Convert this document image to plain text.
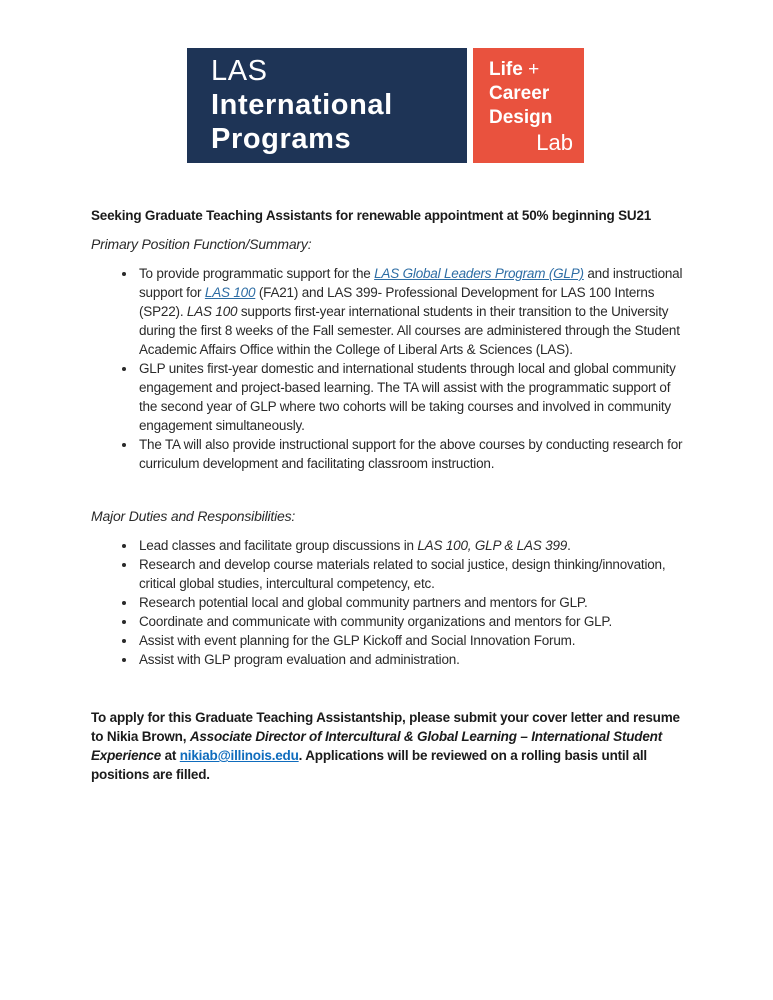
LAS
International
Programs
Life +
Career
Design
Lab

Seeking Graduate Teaching Assistants for renewable appointment at 50% beginning SU21

Primary Position Function/Summary:

• To provide programmatic support for the LAS Global Leaders Program (GLP) and instructional support for LAS 100 (FA21) and LAS 399- Professional Development for LAS 100 Interns (SP22). LAS 100 supports first-year international students in their transition to the University during the first 8 weeks of the Fall semester. All courses are administered through the Student Academic Affairs Office within the College of Liberal Arts & Sciences (LAS).
• GLP unites first-year domestic and international students through local and global community engagement and project-based learning. The TA will assist with the programmatic support of the second year of GLP where two cohorts will be taking courses and involved in community engagement simultaneously.
• The TA will also provide instructional support for the above courses by conducting research for curriculum development and facilitating classroom instruction.

Major Duties and Responsibilities:

• Lead classes and facilitate group discussions in LAS 100, GLP & LAS 399.
• Research and develop course materials related to social justice, design thinking/innovation, critical global studies, intercultural competency, etc.
• Research potential local and global community partners and mentors for GLP.
• Coordinate and communicate with community organizations and mentors for GLP.
• Assist with event planning for the GLP Kickoff and Social Innovation Forum.
• Assist with GLP program evaluation and administration.

To apply for this Graduate Teaching Assistantship, please submit your cover letter and resume to Nikia Brown, Associate Director of Intercultural & Global Learning – International Student Experience at nikiab@illinois.edu. Applications will be reviewed on a rolling basis until all positions are filled.
